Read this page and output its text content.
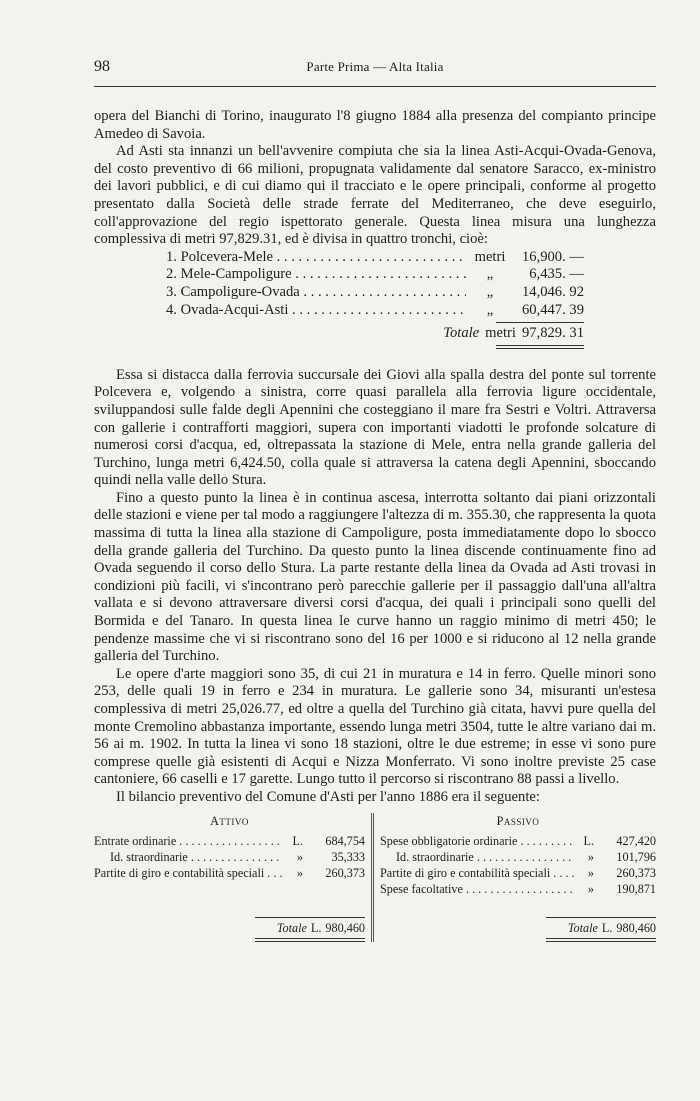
98	Parte Prima — Alta Italia

opera del Bianchi di Torino, inaugurato l'8 giugno 1884 alla presenza del compianto principe Amedeo di Savoia.

Ad Asti sta innanzi un bell'avvenire compiuta che sia la linea Asti-Acqui-Ovada-Genova, del costo preventivo di 66 milioni, propugnata validamente dal senatore Saracco, ex-ministro dei lavori pubblici, e di cui diamo qui il tracciato e le opere principali, conforme al progetto presentato dalla Società delle strade ferrate del Mediterraneo, che deve eseguirlo, coll'approvazione del regio ispettorato generale. Questa linea misura una lunghezza complessiva di metri 97,829.31, ed è divisa in quattro tronchi, cioè:

1. Polcevera-Mele . . .	metri	16,900. —
2. Mele-Campoligure . . .	„	6,435. —
3. Campoligure-Ovada . . .	„	14,046. 92
4. Ovada-Acqui-Asti . . .	„	60,447. 39
Totale metri 97,829. 31

Essa si distacca dalla ferrovia succursale dei Giovi alla spalla destra del ponte sul torrente Polcevera e, volgendo a sinistra, corre quasi parallela alla ferrovia ligure occidentale, sviluppandosi sulle falde degli Apennini che costeggiano il mare fra Sestri e Voltri. Attraversa con gallerie i contrafforti maggiori, supera con importanti viadotti le profonde solcature di numerosi corsi d'acqua, ed, oltrepassata la stazione di Mele, entra nella grande galleria del Turchino, lunga metri 6,424.50, colla quale si attraversa la catena degli Apennini, sboccando quindi nella valle dello Stura.

Fino a questo punto la linea è in continua ascesa, interrotta soltanto dai piani orizzontali delle stazioni e viene per tal modo a raggiungere l'altezza di m. 355.30, che rappresenta la quota massima di tutta la linea alla stazione di Campoligure, posta immediatamente dopo lo sbocco della grande galleria del Turchino. Da questo punto la linea discende continuamente fino ad Ovada seguendo il corso dello Stura. La parte restante della linea da Ovada ad Asti trovasi in condizioni più facili, vi s'incontrano però parecchie gallerie per il passaggio dall'una all'altra vallata e si devono attraversare diversi corsi d'acqua, dei quali i principali sono quelli del Bormida e del Tanaro. In questa linea le curve hanno un raggio minimo di metri 450; le pendenze massime che vi si riscontrano sono del 16 per 1000 e si riducono al 12 nella grande galleria del Turchino.

Le opere d'arte maggiori sono 35, di cui 21 in muratura e 14 in ferro. Quelle minori sono 253, delle quali 19 in ferro e 234 in muratura. Le gallerie sono 34, misuranti un'estesa complessiva di metri 25,026.77, ed oltre a quella del Turchino già citata, havvi pure quella del monte Cremolino abbastanza importante, essendo lunga metri 3504, tutte le altre variano dai m. 56 ai m. 1902. In tutta la linea vi sono 18 stazioni, oltre le due estreme; in esse vi sono pure comprese quelle già esistenti di Acqui e Nizza Monferrato. Vi sono inoltre previste 25 case cantoniere, 66 caselli e 17 garette. Lungo tutto il percorso si riscontrano 88 passi a livello.

Il bilancio preventivo del Comune d'Asti per l'anno 1886 era il seguente:

Attivo
Entrate ordinarie . . .	L.	684,754
Id. straordinarie . . .	»	35,333
Partite di giro e contabilità speciali . . .	»	260,373
Totale L. 980,460
Passivo
Spese obbligatorie ordinarie . . .	L.	427,420
Id. straordinarie . . .	»	101,796
Partite di giro e contabilità speciali . . .	»	260,373
Spese facoltative . . .	»	190,871
Totale L. 980,460
